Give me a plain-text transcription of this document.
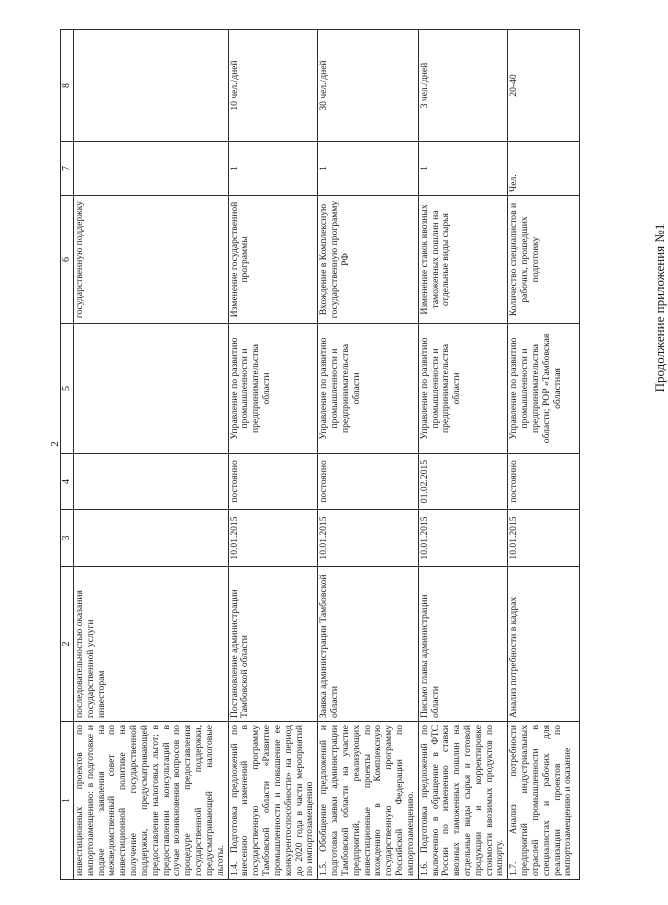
2
Продолжение приложения №1
1	2	3	4	5	6	7	8
инвестиционных проектов по импортозамещению: в подготовке и подаче заявления на межведомственный совет по инвестиционной политике на получение государственной поддержки, предусматривающей предоставление налоговых льгот; в предоставлении консультаций в случае возникновения вопросов по процедуре предоставления государственной поддержки, предусматривающей налоговые льготы.	последовательностью оказания государственной услуги инвесторам				государственную поддержку		
1.4. Подготовка предложений по внесению изменений в государственную программу Тамбовской области «Развитие промышленности и повышение ее конкурентоспособности» на период до 2020 года в части мероприятий по импортозамещению	Постановление администрации Тамбовской области	10.01.2015	постоянно	Управление по развитию промышленности и предпринимательства области	Изменение государственной программы	1	10 чел./дней
1.5. Обобщение предложений и подготовка заявки администрации Тамбовской области на участие предприятий, реализующих инвестиционные проекты по вхождению в Комплексную государственную программу Российской Федерации по импортозамещению.	Заявка администрации Тамбовской области	10.01.2015	постоянно	Управление по развитию промышленности и предпринимательства области	Вхождение в Комплексную государственную программу РФ	1	30 чел./дней
1.6. Подготовка предложений по включению в обращение в ФТС России по изменению ставки ввозных таможенных пошлин на отдельные виды сырья и готовой продукции и корректировке стоимости ввозимых продуктов по импорту.	Письмо главы администрации области	10.01.2015	01.02.2015	Управление по развитию промышленности и предпринимательства области	Изменение ставок ввозных таможенных пошлин на отдельные виды сырья	1	3 чел./дней
1.7. Анализ потребности предприятий индустриальных отраслей промышленности в специалистах и рабочих для реализации проектов по импортозамещению и оказание	Анализ потребности в кадрах	10.01.2015	постоянно	Управление по развитию промышленности и предпринимательства области; РОР «Тамбовская областная	Количество специалистов и рабочих, прошедших подготовку	Чел.	20-40
